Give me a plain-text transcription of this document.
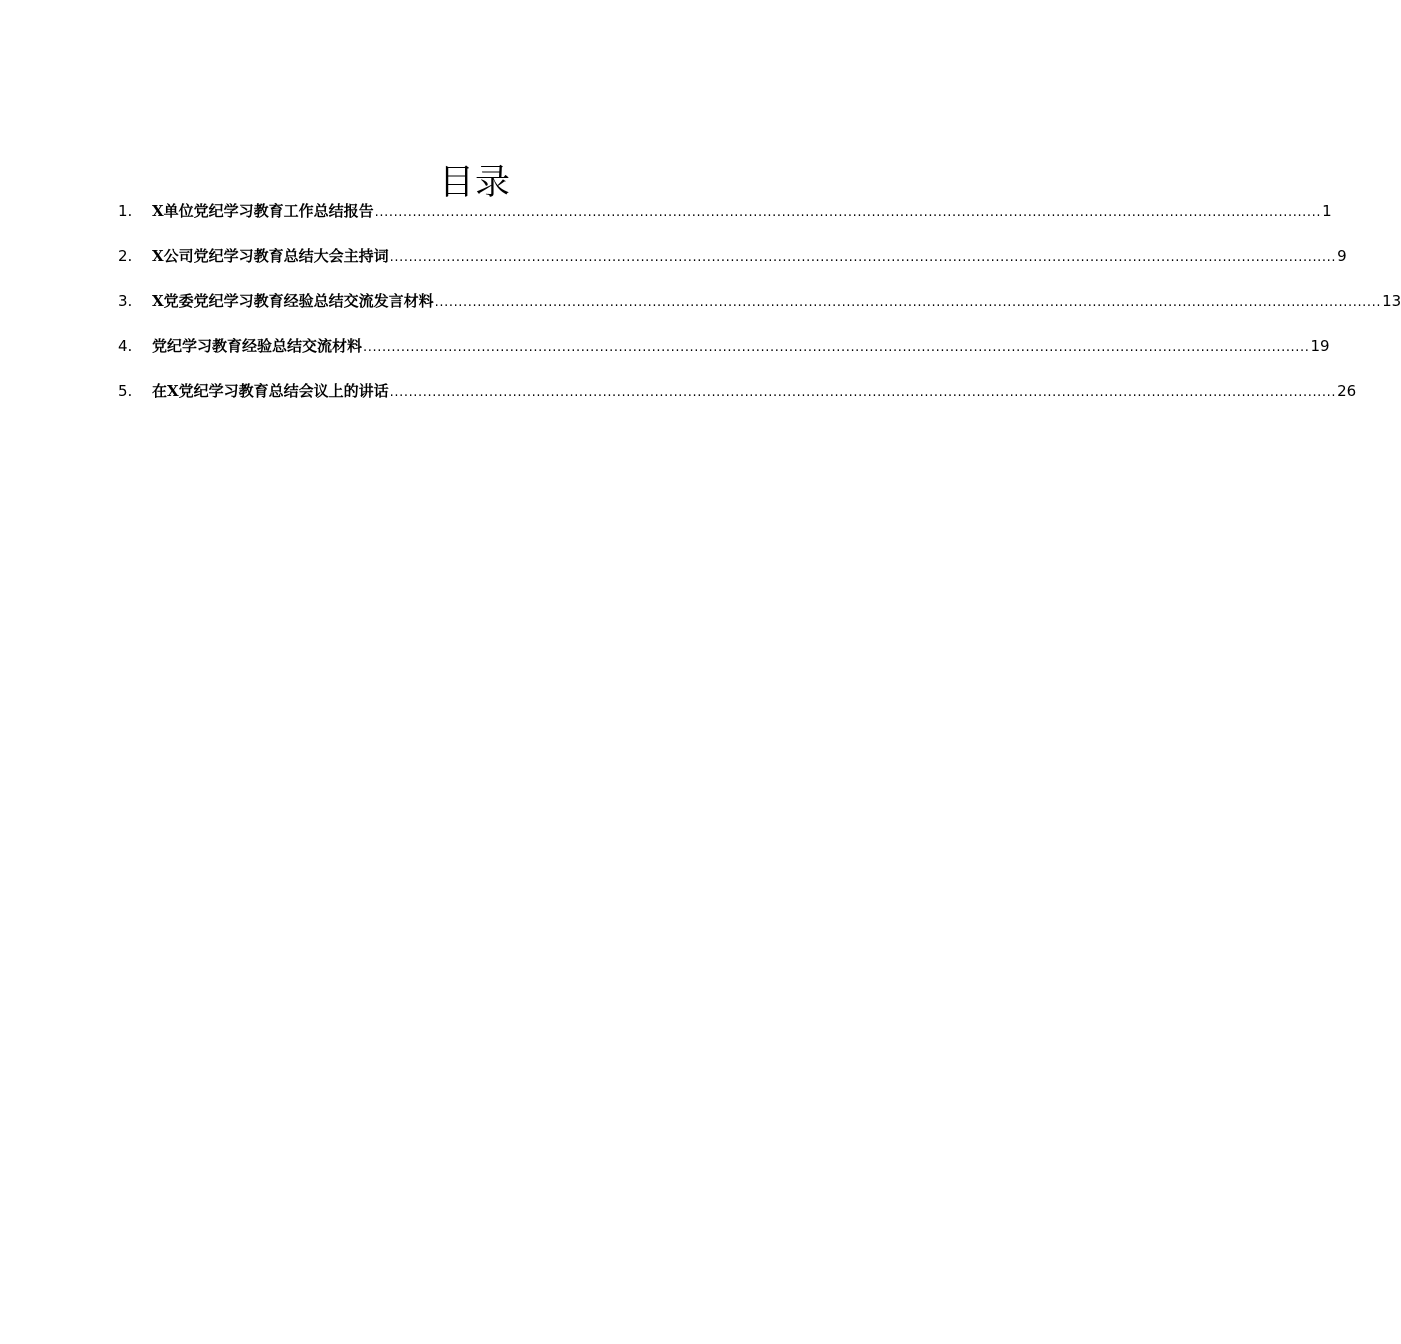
目录
1.	X单位党纪学习教育工作总结报告 ........................................................................................................................................................................................................ 1
2.	X公司党纪学习教育总结大会主持词 ........................................................................................................................................................................................................ 9
3.	X党委党纪学习教育经验总结交流发言材料 ........................................................................................................................................................................................................ 13
4.	党纪学习教育经验总结交流材料 ........................................................................................................................................................................................................ 19
5.	在X党纪学习教育总结会议上的讲话 ........................................................................................................................................................................................................ 26
